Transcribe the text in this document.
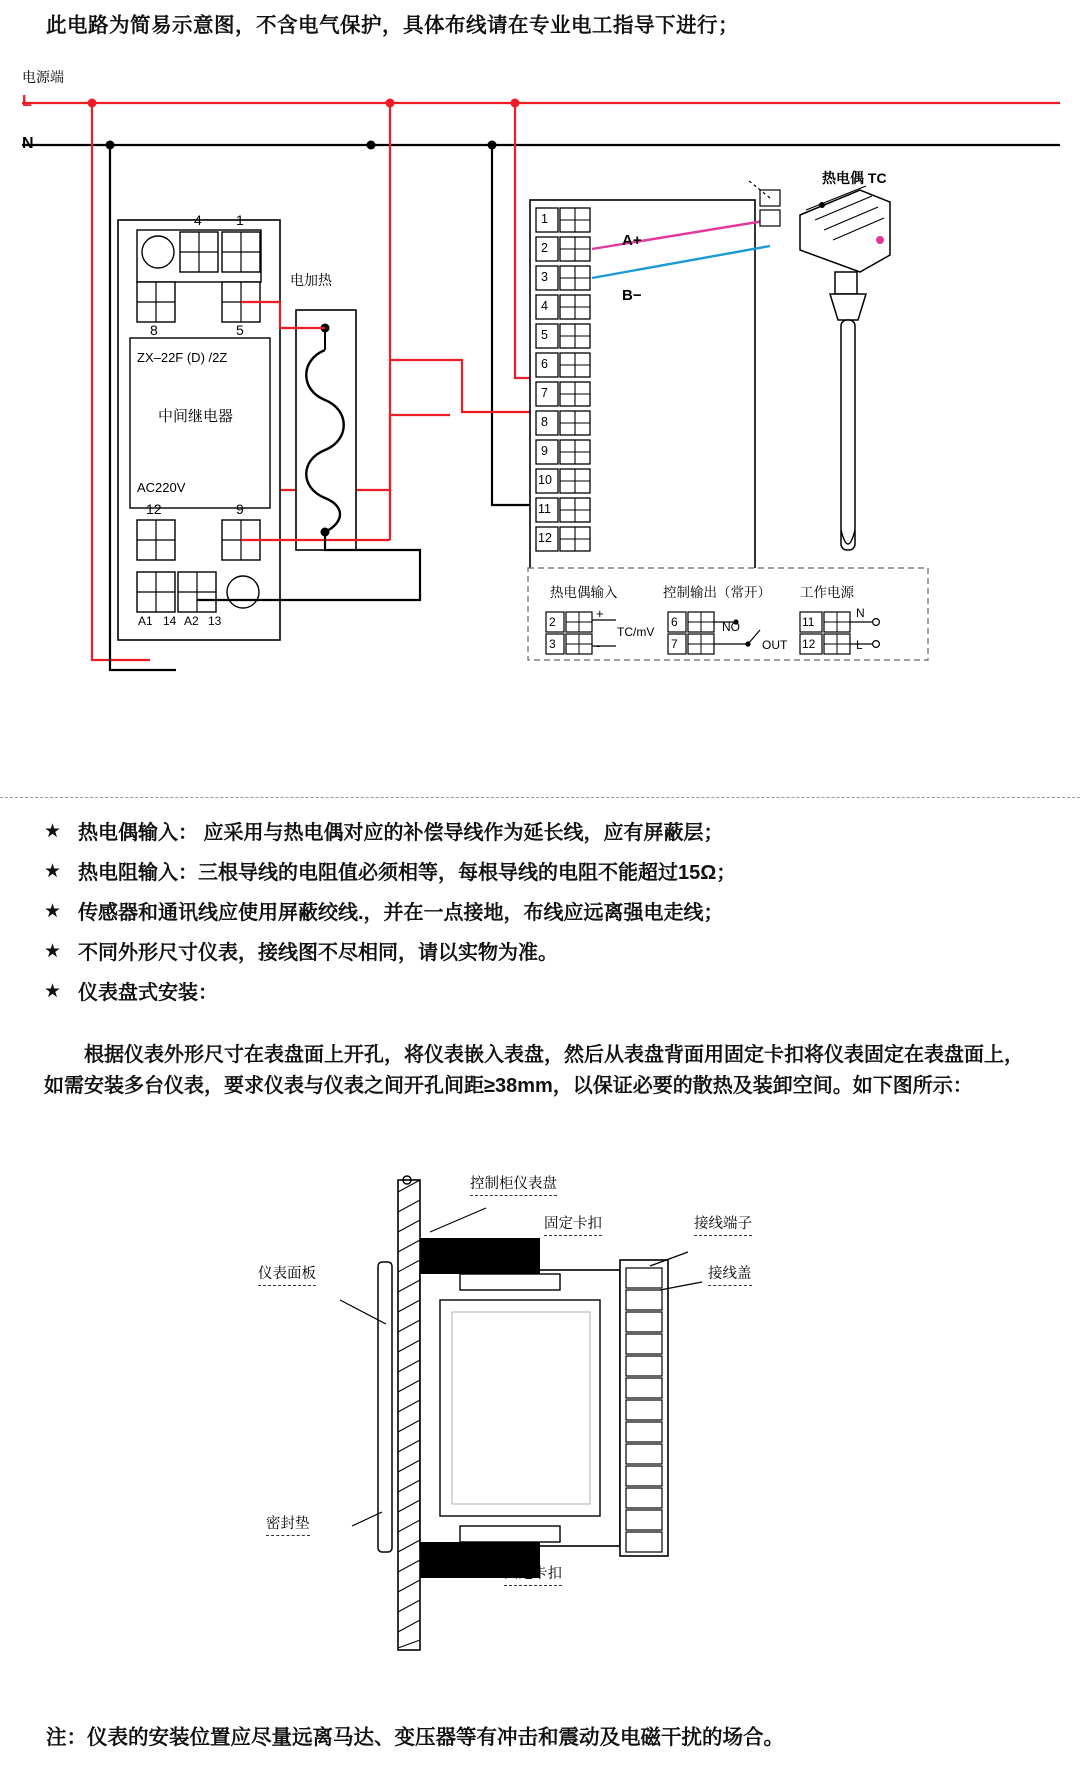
此电路为简易示意图，不含电气保护，具体布线请在专业电工指导下进行；
电源端
L
N
4 1
8	5
ZX–22F (D) /2Z
中间继电器
AC220V
12	9
A1 14 A2 13
电加热
1
2
3
4
5
6
7
8
9
10
11
12
A+
B−
热电偶 TC
热电偶输入
2
3
+
-
TC/mV
控制输出（常开）
6
7
NO
OUT
工作电源
11
12
N
L
★ 热电偶输入： 应采用与热电偶对应的补偿导线作为延长线，应有屏蔽层；
★ 热电阻输入：三根导线的电阻值必须相等，每根导线的电阻不能超过15Ω；
★ 传感器和通讯线应使用屏蔽绞线.，并在一点接地，布线应远离强电走线；
★ 不同外形尺寸仪表，接线图不尽相同，请以实物为准。
★ 仪表盘式安装：
根据仪表外形尺寸在表盘面上开孔，将仪表嵌入表盘，然后从表盘背面用固定卡扣将仪表固定在表盘面上，如需安装多台仪表，要求仪表与仪表之间开孔间距≥38mm，以保证必要的散热及装卸空间。如下图所示：
控制柜仪表盘
固定卡扣	接线端子
接线盖
仪表面板
密封垫
固定卡扣
注：仪表的安装位置应尽量远离马达、变压器等有冲击和震动及电磁干扰的场合。
